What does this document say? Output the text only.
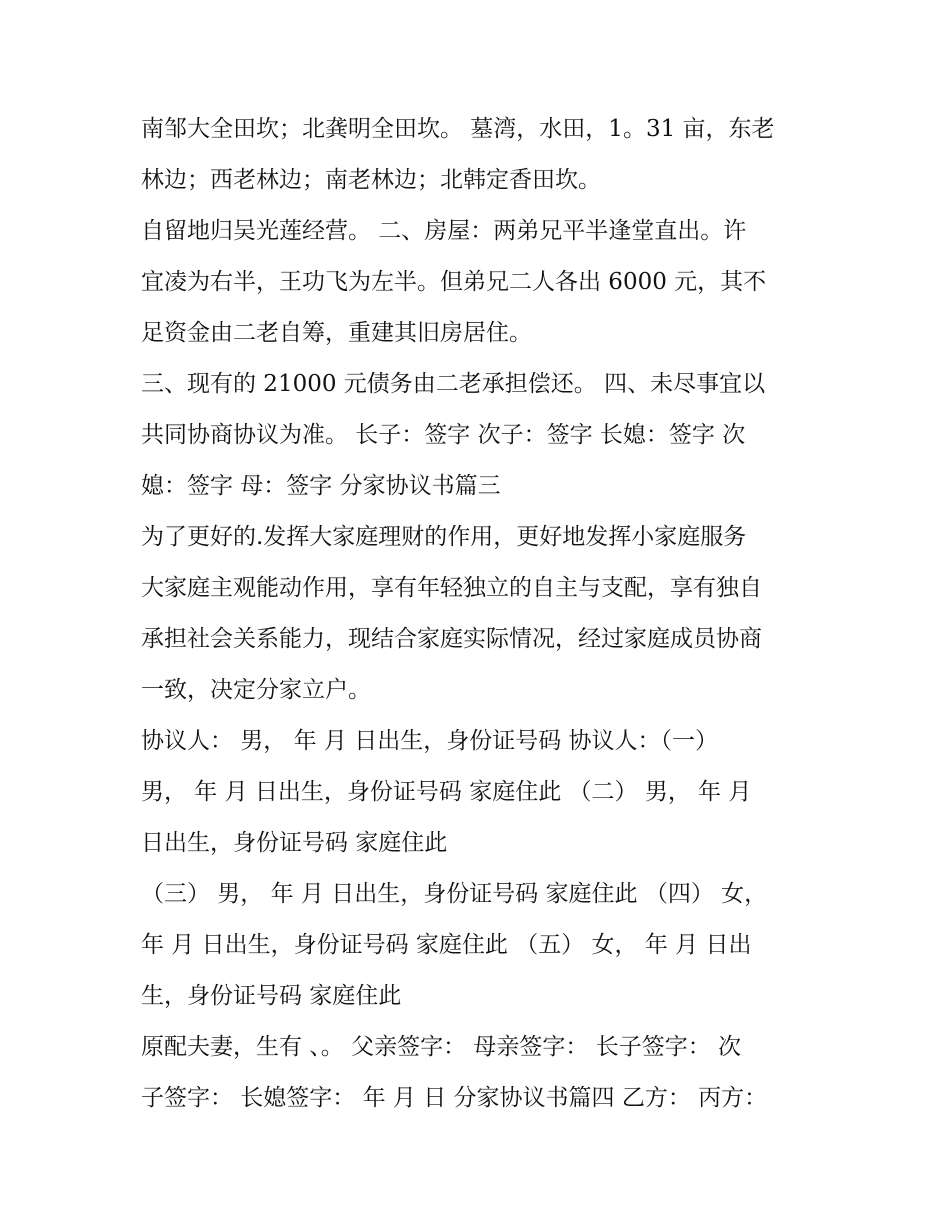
南邹大全田坎；北龚明全田坎。 墓湾，水田，1。31 亩，东老
林边；西老林边；南老林边；北韩定香田坎。
自留地归吴光莲经营。 二、房屋：两弟兄平半逢堂直出。许
宜凌为右半，王功飞为左半。但弟兄二人各出 6000 元，其不
足资金由二老自筹，重建其旧房居住。
三、现有的 21000 元债务由二老承担偿还。 四、未尽事宜以
共同协商协议为准。 长子：签字 次子：签字 长媳：签字 次
媳：签字 母：签字 分家协议书篇三
为了更好的.发挥大家庭理财的作用，更好地发挥小家庭服务
大家庭主观能动作用，享有年轻独立的自主与支配，享有独自
承担社会关系能力，现结合家庭实际情况，经过家庭成员协商
一致，决定分家立户。
协议人： 男， 年 月 日出生，身份证号码 协议人：（一）
男， 年 月 日出生，身份证号码 家庭住此 （二） 男， 年 月
日出生，身份证号码 家庭住此
（三） 男， 年 月 日出生，身份证号码 家庭住此 （四） 女，
年 月 日出生，身份证号码 家庭住此 （五） 女， 年 月 日出
生，身份证号码 家庭住此
原配夫妻，生有 、。 父亲签字： 母亲签字： 长子签字： 次
子签字： 长媳签字： 年 月 日 分家协议书篇四 乙方： 丙方：
